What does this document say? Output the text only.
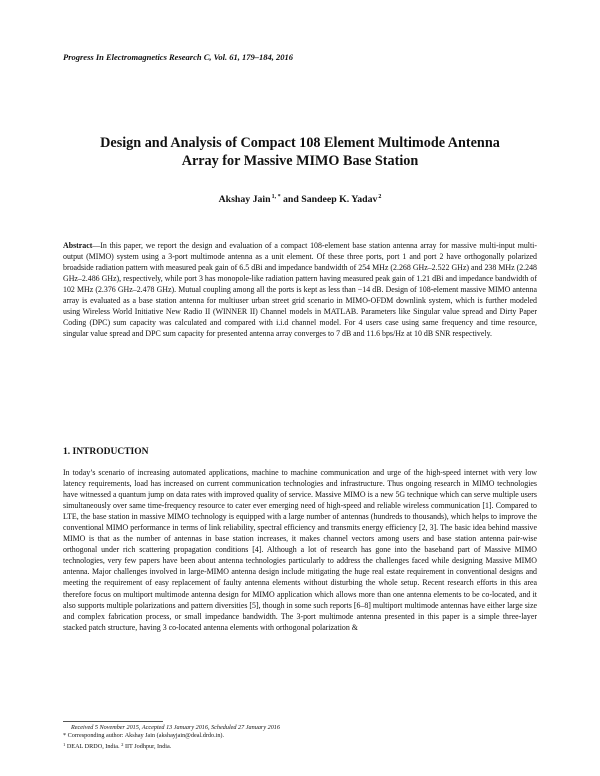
Progress In Electromagnetics Research C, Vol. 61, 179–184, 2016
Design and Analysis of Compact 108 Element Multimode Antenna
Array for Massive MIMO Base Station
Akshay Jain$^{1, *}$ and Sandeep K. Yadav$^2$
Abstract—In this paper, we report the design and evaluation of a compact 108-element base station antenna array for massive multi-input multi-output (MIMO) system using a 3-port multimode antenna as a unit element. Of these three ports, port 1 and port 2 have orthogonally polarized broadside radiation pattern with measured peak gain of 6.5 dBi and impedance bandwidth of 254 MHz (2.268 GHz–2.522 GHz) and 238 MHz (2.248 GHz–2.486 GHz), respectively, while port 3 has monopole-like radiation pattern having measured peak gain of 1.21 dBi and impedance bandwidth of 102 MHz (2.376 GHz–2.478 GHz). Mutual coupling among all the ports is kept as less than −14 dB. Design of 108-element massive MIMO antenna array is evaluated as a base station antenna for multiuser urban street grid scenario in MIMO-OFDM downlink system, which is further modeled using Wireless World Initiative New Radio II (WINNER II) Channel models in MATLAB. Parameters like Singular value spread and Dirty Paper Coding (DPC) sum capacity was calculated and compared with i.i.d channel model. For 4 users case using same frequency and time resource, singular value spread and DPC sum capacity for presented antenna array converges to 7 dB and 11.6 bps/Hz at 10 dB SNR respectively.
1. INTRODUCTION
In today’s scenario of increasing automated applications, machine to machine communication and urge of the high-speed internet with very low latency requirements, load has increased on current communication technologies and infrastructure. Thus ongoing research in MIMO technologies have witnessed a quantum jump on data rates with improved quality of service. Massive MIMO is a new 5G technique which can serve multiple users simultaneously over same time-frequency resource to cater ever emerging need of high-speed and reliable wireless communication [1]. Compared to LTE, the base station in massive MIMO technology is equipped with a large number of antennas (hundreds to thousands), which helps to improve the conventional MIMO performance in terms of link reliability, spectral efficiency and transmits energy efficiency [2, 3]. The basic idea behind massive MIMO is that as the number of antennas in base station increases, it makes channel vectors among users and base station antenna pair-wise orthogonal under rich scattering propagation conditions [4]. Although a lot of research has gone into the baseband part of Massive MIMO technologies, very few papers have been about antenna technologies particularly to address the challenges faced while designing Massive MIMO antenna. Major challenges involved in large-MIMO antenna design include mitigating the huge real estate requirement in conventional designs and meeting the requirement of easy replacement of faulty antenna elements without disturbing the whole setup. Recent research efforts in this area therefore focus on multiport multimode antenna design for MIMO application which allows more than one antenna elements to be co-located, and it also supports multiple polarizations and pattern diversities [5], though in some such reports [6–8] multiport multimode antennas have either large size and complex fabrication process, or small impedance bandwidth. The 3-port multimode antenna presented in this paper is a simple three-layer stacked patch structure, having 3 co-located antenna elements with orthogonal polarization &
Received 5 November 2015, Accepted 13 January 2016, Scheduled 27 January 2016
* Corresponding author: Akshay Jain (akshayjain@deal.drdo.in).
$^1$ DEAL DRDO, India. $^2$ IIT Jodhpur, India.
